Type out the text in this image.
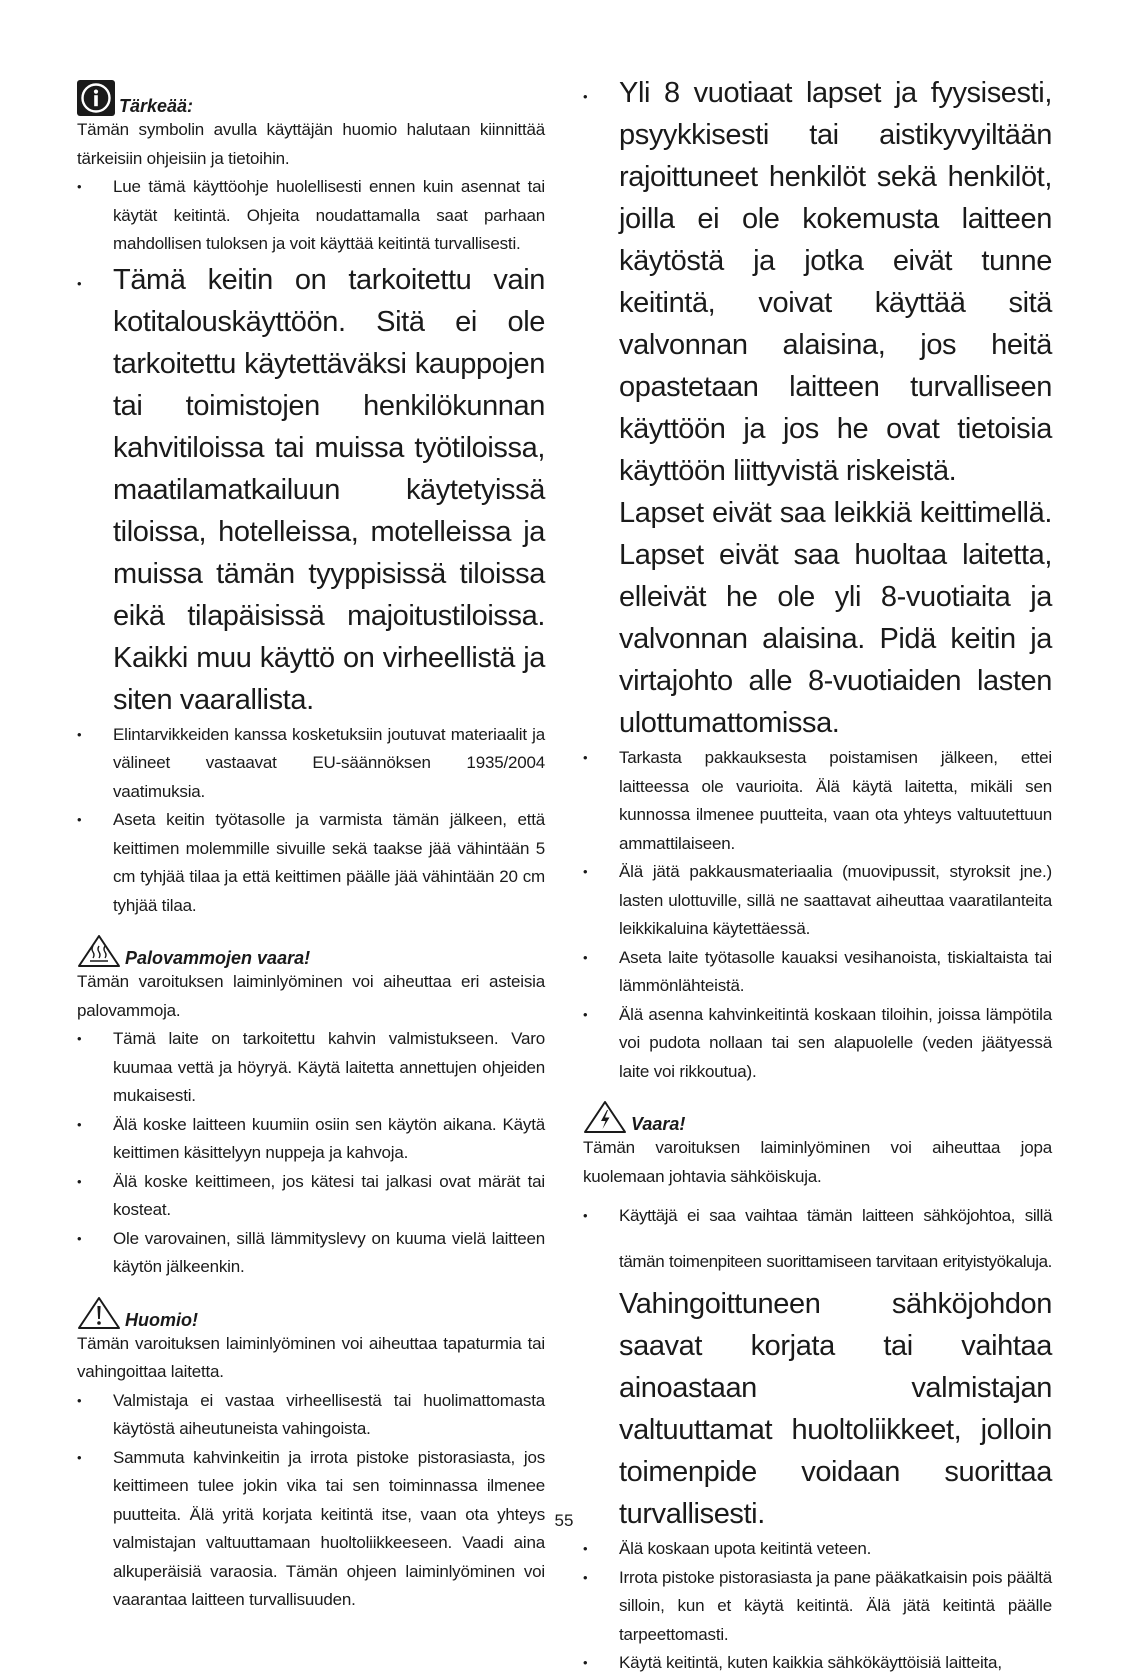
Tärkeää:

Tämän symbolin avulla käyttäjän huomio halutaan kiinnittää tärkeisiin ohjeisiin ja tietoihin.

• Lue tämä käyttöohje huolellisesti ennen kuin asennat tai käytät keitintä. Ohjeita noudattamalla saat parhaan mahdollisen tuloksen ja voit käyttää keitintä turvallisesti.

• Tämä keitin on tarkoitettu vain kotitalouskäyttöön. Sitä ei ole tarkoitettu käytettäväksi kauppojen tai toimistojen henkilökunnan kahvitiloissa tai muissa työtiloissa, maatilamatkailuun käytetyissä tiloissa, hotelleissa, motelleissa ja muissa tämän tyyppisissä tiloissa eikä tilapäisissä majoitustiloissa. Kaikki muu käyttö on virheellistä ja siten vaarallista.

• Elintarvikkeiden kanssa kosketuksiin joutuvat materiaalit ja välineet vastaavat EU-säännöksen 1935/2004 vaatimuksia.

• Aseta keitin työtasolle ja varmista tämän jälkeen, että keittimen molemmille sivuille sekä taakse jää vähintään 5 cm tyhjää tilaa ja että keittimen päälle jää vähintään 20 cm tyhjää tilaa.

Palovammojen vaara!

Tämän varoituksen laiminlyöminen voi aiheuttaa eri asteisia palovammoja.

• Tämä laite on tarkoitettu kahvin valmistukseen. Varo kuumaa vettä ja höyryä. Käytä laitetta annettujen ohjeiden mukaisesti.

• Älä koske laitteen kuumiin osiin sen käytön aikana. Käytä keittimen käsittelyyn nuppeja ja kahvoja.

• Älä koske keittimeen, jos kätesi tai jalkasi ovat märät tai kosteat.

• Ole varovainen, sillä lämmityslevy on kuuma vielä laitteen käytön jälkeenkin.

Huomio!

Tämän varoituksen laiminlyöminen voi aiheuttaa tapaturmia tai vahingoittaa laitetta.

• Valmistaja ei vastaa virheellisestä tai huolimattomasta käytöstä aiheutuneista vahingoista.

• Sammuta kahvinkeitin ja irrota pistoke pistorasiasta, jos keittimeen tulee jokin vika tai sen toiminnassa ilmenee puutteita. Älä yritä korjata keitintä itse, vaan ota yhteys valmistajan valtuuttamaan huoltoliikkeeseen. Vaadi aina alkuperäisiä varaosia. Tämän ohjeen laiminlyöminen voi vaarantaa laitteen turvallisuuden.

• Yli 8 vuotiaat lapset ja fyysisesti, psyykkisesti tai aistikyvyiltään rajoittuneet henkilöt sekä henkilöt, joilla ei ole kokemusta laitteen käytöstä ja jotka eivät tunne keitintä, voivat käyttää sitä valvonnan alaisina, jos heitä opastetaan laitteen turvalliseen käyttöön ja jos he ovat tietoisia käyttöön liittyvistä riskeistä.

Lapset eivät saa leikkiä keittimellä. Lapset eivät saa huoltaa laitetta, elleivät he ole yli 8-vuotiaita ja valvonnan alaisina. Pidä keitin ja virtajohto alle 8-vuotiaiden lasten ulottumattomissa.

• Tarkasta pakkauksesta poistamisen jälkeen, ettei laitteessa ole vaurioita. Älä käytä laitetta, mikäli sen kunnossa ilmenee puutteita, vaan ota yhteys valtuutettuun ammattilaiseen.

• Älä jätä pakkausmateriaalia (muovipussit, styroksit jne.) lasten ulottuville, sillä ne saattavat aiheuttaa vaaratilanteita leikkikaluina käytettäessä.

• Aseta laite työtasolle kauaksi vesihanoista, tiskialtaista tai lämmönlähteistä.

• Älä asenna kahvinkeitintä koskaan tiloihin, joissa lämpötila voi pudota nollaan tai sen alapuolelle (veden jäätyessä laite voi rikkoutua).

Vaara!

Tämän varoituksen laiminlyöminen voi aiheuttaa jopa kuolemaan johtavia sähköiskuja.

• Käyttäjä ei saa vaihtaa tämän laitteen sähköjohtoa, sillä tämän toimenpiteen suorittamiseen tarvitaan erityistyökaluja. Vahingoittuneen sähköjohdon saavat korjata tai vaihtaa ainoastaan valmistajan valtuuttamat huoltoliikkeet, jolloin toimenpide voidaan suorittaa turvallisesti.

• Älä koskaan upota keitintä veteen.

• Irrota pistoke pistorasiasta ja pane pääkatkaisin pois päältä silloin, kun et käytä keitintä. Älä jätä keitintä päälle tarpeettomasti.

• Käytä keitintä, kuten kaikkia sähkökäyttöisiä laitteita,

55
